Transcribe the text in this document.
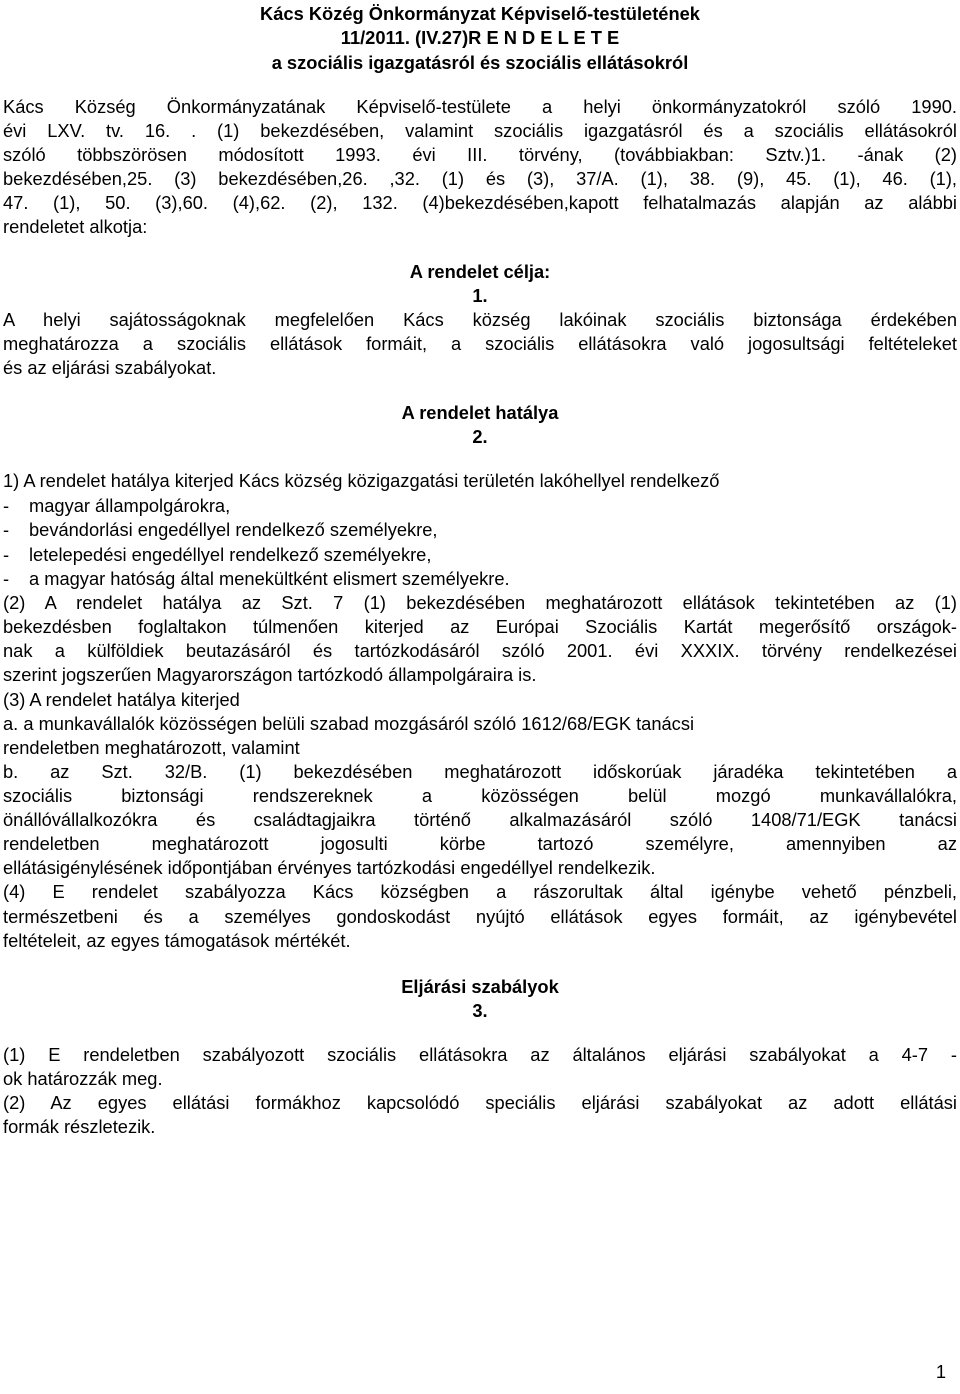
Kács Közég Önkormányzat Képviselő-testületének
11/2011. (IV.27)R E N D E L E T E
a szociális igazgatásról és szociális ellátásokról
Kács Község Önkormányzatának Képviselő-testülete a helyi önkormányzatokról szóló 1990.
évi LXV. tv. 16. . (1) bekezdésében, valamint szociális igazgatásról és a szociális ellátásokról
szóló többszörösen módosított 1993. évi III. törvény, (továbbiakban: Sztv.)1. -ának (2)
bekezdésében,25. (3) bekezdésében,26. ,32. (1) és (3), 37/A. (1), 38. (9), 45. (1), 46. (1),
47. (1), 50. (3),60. (4),62. (2), 132. (4)bekezdésében,kapott felhatalmazás alapján az alábbi
rendeletet alkotja:
A rendelet célja:
1.
A helyi sajátosságoknak megfelelően Kács község lakóinak szociális biztonsága érdekében
meghatározza a szociális ellátások formáit, a szociális ellátásokra való jogosultsági feltételeket
és az eljárási szabályokat.
A rendelet hatálya
2.
1) A rendelet hatálya kiterjed Kács község közigazgatási területén lakóhellyel rendelkező
- magyar állampolgárokra,
- bevándorlási engedéllyel rendelkező személyekre,
- letelepedési engedéllyel rendelkező személyekre,
- a magyar hatóság által menekültként elismert személyekre.
(2) A rendelet hatálya az Szt. 7 (1) bekezdésében meghatározott ellátások tekintetében az (1)
bekezdésben foglaltakon túlmenően kiterjed az Európai Szociális Kartát megerősítő országok-
nak a külföldiek beutazásáról és tartózkodásáról szóló 2001. évi XXXIX. törvény rendelkezései
szerint jogszerűen Magyarországon tartózkodó állampolgáraira is.
(3) A rendelet hatálya kiterjed
a. a munkavállalók közösségen belüli szabad mozgásáról szóló 1612/68/EGK tanácsi
rendeletben meghatározott, valamint
b. az Szt. 32/B. (1) bekezdésében meghatározott időskorúak járadéka tekintetében a
szociális biztonsági rendszereknek a közösségen belül mozgó munkavállalókra,
önállóvállalkozókra és családtagjaikra történő alkalmazásáról szóló 1408/71/EGK tanácsi
rendeletben meghatározott jogosulti körbe tartozó személyre, amennyiben az
ellátásigénylésének időpontjában érvényes tartózkodási engedéllyel rendelkezik.
(4) E rendelet szabályozza Kács községben a rászorultak által igénybe vehető pénzbeli,
természetbeni és a személyes gondoskodást nyújtó ellátások egyes formáit, az igénybevétel
feltételeit, az egyes támogatások mértékét.
Eljárási szabályok
3.
(1) E rendeletben szabályozott szociális ellátásokra az általános eljárási szabályokat a 4-7 -
ok határozzák meg.
(2) Az egyes ellátási formákhoz kapcsolódó speciális eljárási szabályokat az adott ellátási
formák részletezik.
1
